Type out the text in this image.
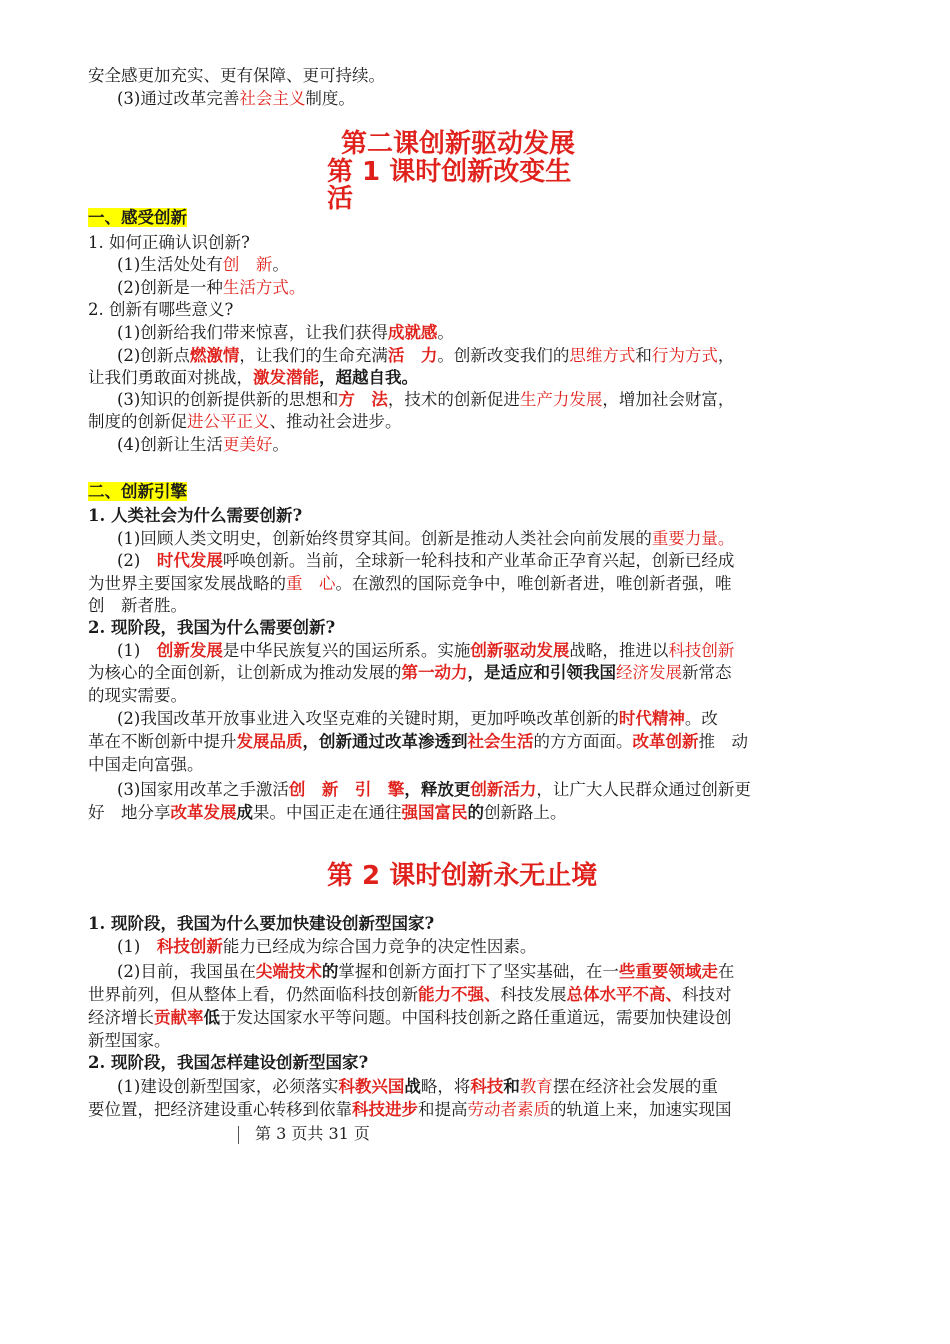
安全感更加充实、更有保障、更可持续。
(3)通过改革完善社会主义制度。
第二课创新驱动发展
第 1 课时创新改变生
活
一、感受创新
1. 如何正确认识创新?
(1)生活处处有创　新。
(2)创新是一种生活方式。
2. 创新有哪些意义?
(1)创新给我们带来惊喜，让我们获得成就感。
(2)创新点燃激情，让我们的生命充满活　力。创新改变我们的思维方式和行为方式，
让我们勇敢面对挑战，激发潜能，超越自我。
(3)知识的创新提供新的思想和方　法，技术的创新促进生产力发展，增加社会财富，
制度的创新促进公平正义、推动社会进步。
(4)创新让生活更美好。
二、创新引擎
1. 人类社会为什么需要创新?
(1)回顾人类文明史，创新始终贯穿其间。创新是推动人类社会向前发展的重要力量。
(2)　时代发展呼唤创新。当前，全球新一轮科技和产业革命正孕育兴起，创新已经成
为世界主要国家发展战略的重　心。在激烈的国际竞争中，唯创新者进，唯创新者强，唯
创　新者胜。
2. 现阶段，我国为什么需要创新?
(1)　创新发展是中华民族复兴的国运所系。实施创新驱动发展战略，推进以科技创新
为核心的全面创新，让创新成为推动发展的第一动力，是适应和引领我国经济发展新常态
的现实需要。
(2)我国改革开放事业进入攻坚克难的关键时期，更加呼唤改革创新的时代精神。改
革在不断创新中提升发展品质，创新通过改革渗透到社会生活的方方面面。改革创新推　动
中国走向富强。
(3)国家用改革之手激活创　新　引　擎，释放更创新活力，让广大人民群众通过创新更
好　地分享改革发展成果。中国正走在通往强国富民的创新路上。
第 2 课时创新永无止境
1. 现阶段，我国为什么要加快建设创新型国家?
(1)　科技创新能力已经成为综合国力竞争的决定性因素。
(2)目前，我国虽在尖端技术的掌握和创新方面打下了坚实基础，在一些重要领域走在
世界前列，但从整体上看，仍然面临科技创新能力不强、科技发展总体水平不高、科技对
经济增长贡献率低于发达国家水平等问题。中国科技创新之路任重道远，需要加快建设创
新型国家。
2. 现阶段，我国怎样建设创新型国家?
(1)建设创新型国家，必须落实科教兴国战略，将科技和教育摆在经济社会发展的重
要位置，把经济建设重心转移到依靠科技进步和提高劳动者素质的轨道上来，加速实现国
第 3 页共 31 页
